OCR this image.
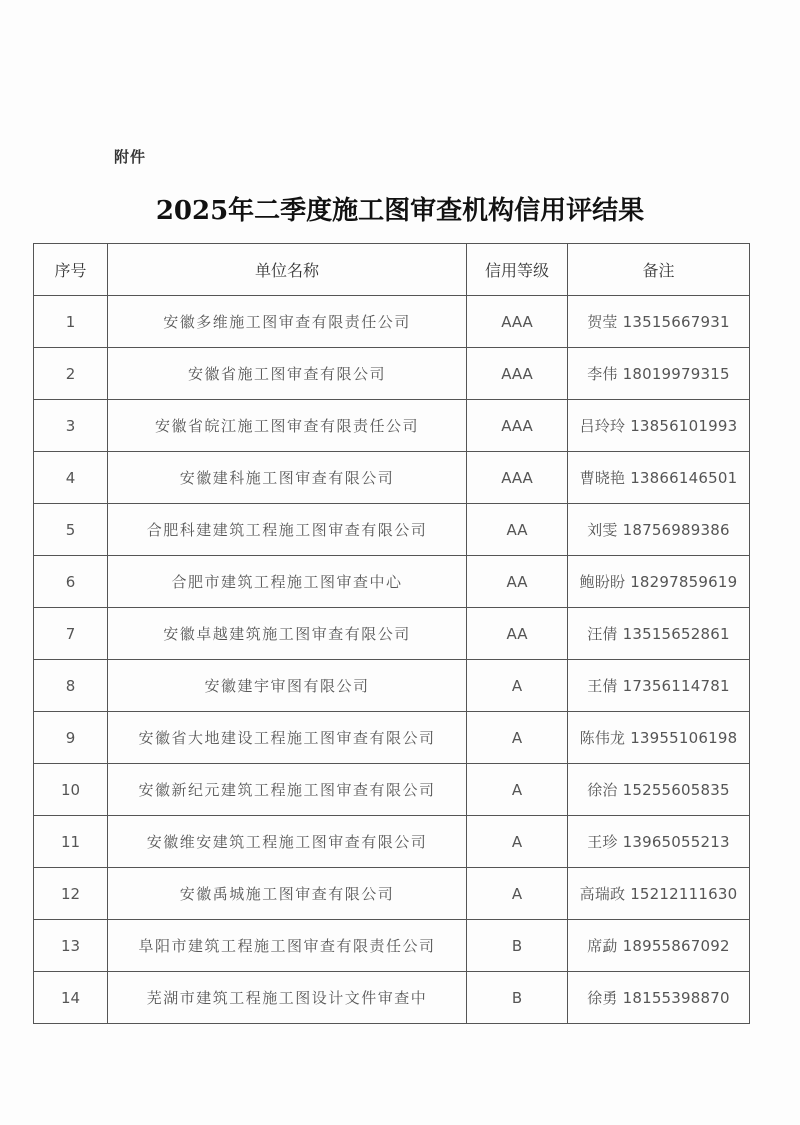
附件
2025年二季度施工图审查机构信用评结果
序号	单位名称	信用等级	备注
1	安徽多维施工图审查有限责任公司	AAA	贺莹 13515667931
2	安徽省施工图审查有限公司	AAA	李伟 18019979315
3	安徽省皖江施工图审查有限责任公司	AAA	吕玲玲 13856101993
4	安徽建科施工图审查有限公司	AAA	曹晓艳 13866146501
5	合肥科建建筑工程施工图审查有限公司	AA	刘雯 18756989386
6	合肥市建筑工程施工图审查中心	AA	鲍盼盼 18297859619
7	安徽卓越建筑施工图审查有限公司	AA	汪倩 13515652861
8	安徽建宇审图有限公司	A	王倩 17356114781
9	安徽省大地建设工程施工图审查有限公司	A	陈伟龙 13955106198
10	安徽新纪元建筑工程施工图审查有限公司	A	徐治 15255605835
11	安徽维安建筑工程施工图审查有限公司	A	王珍 13965055213
12	安徽禹城施工图审查有限公司	A	高瑞政 15212111630
13	阜阳市建筑工程施工图审查有限责任公司	B	席勐 18955867092
14	芜湖市建筑工程施工图设计文件审查中	B	徐勇 18155398870
